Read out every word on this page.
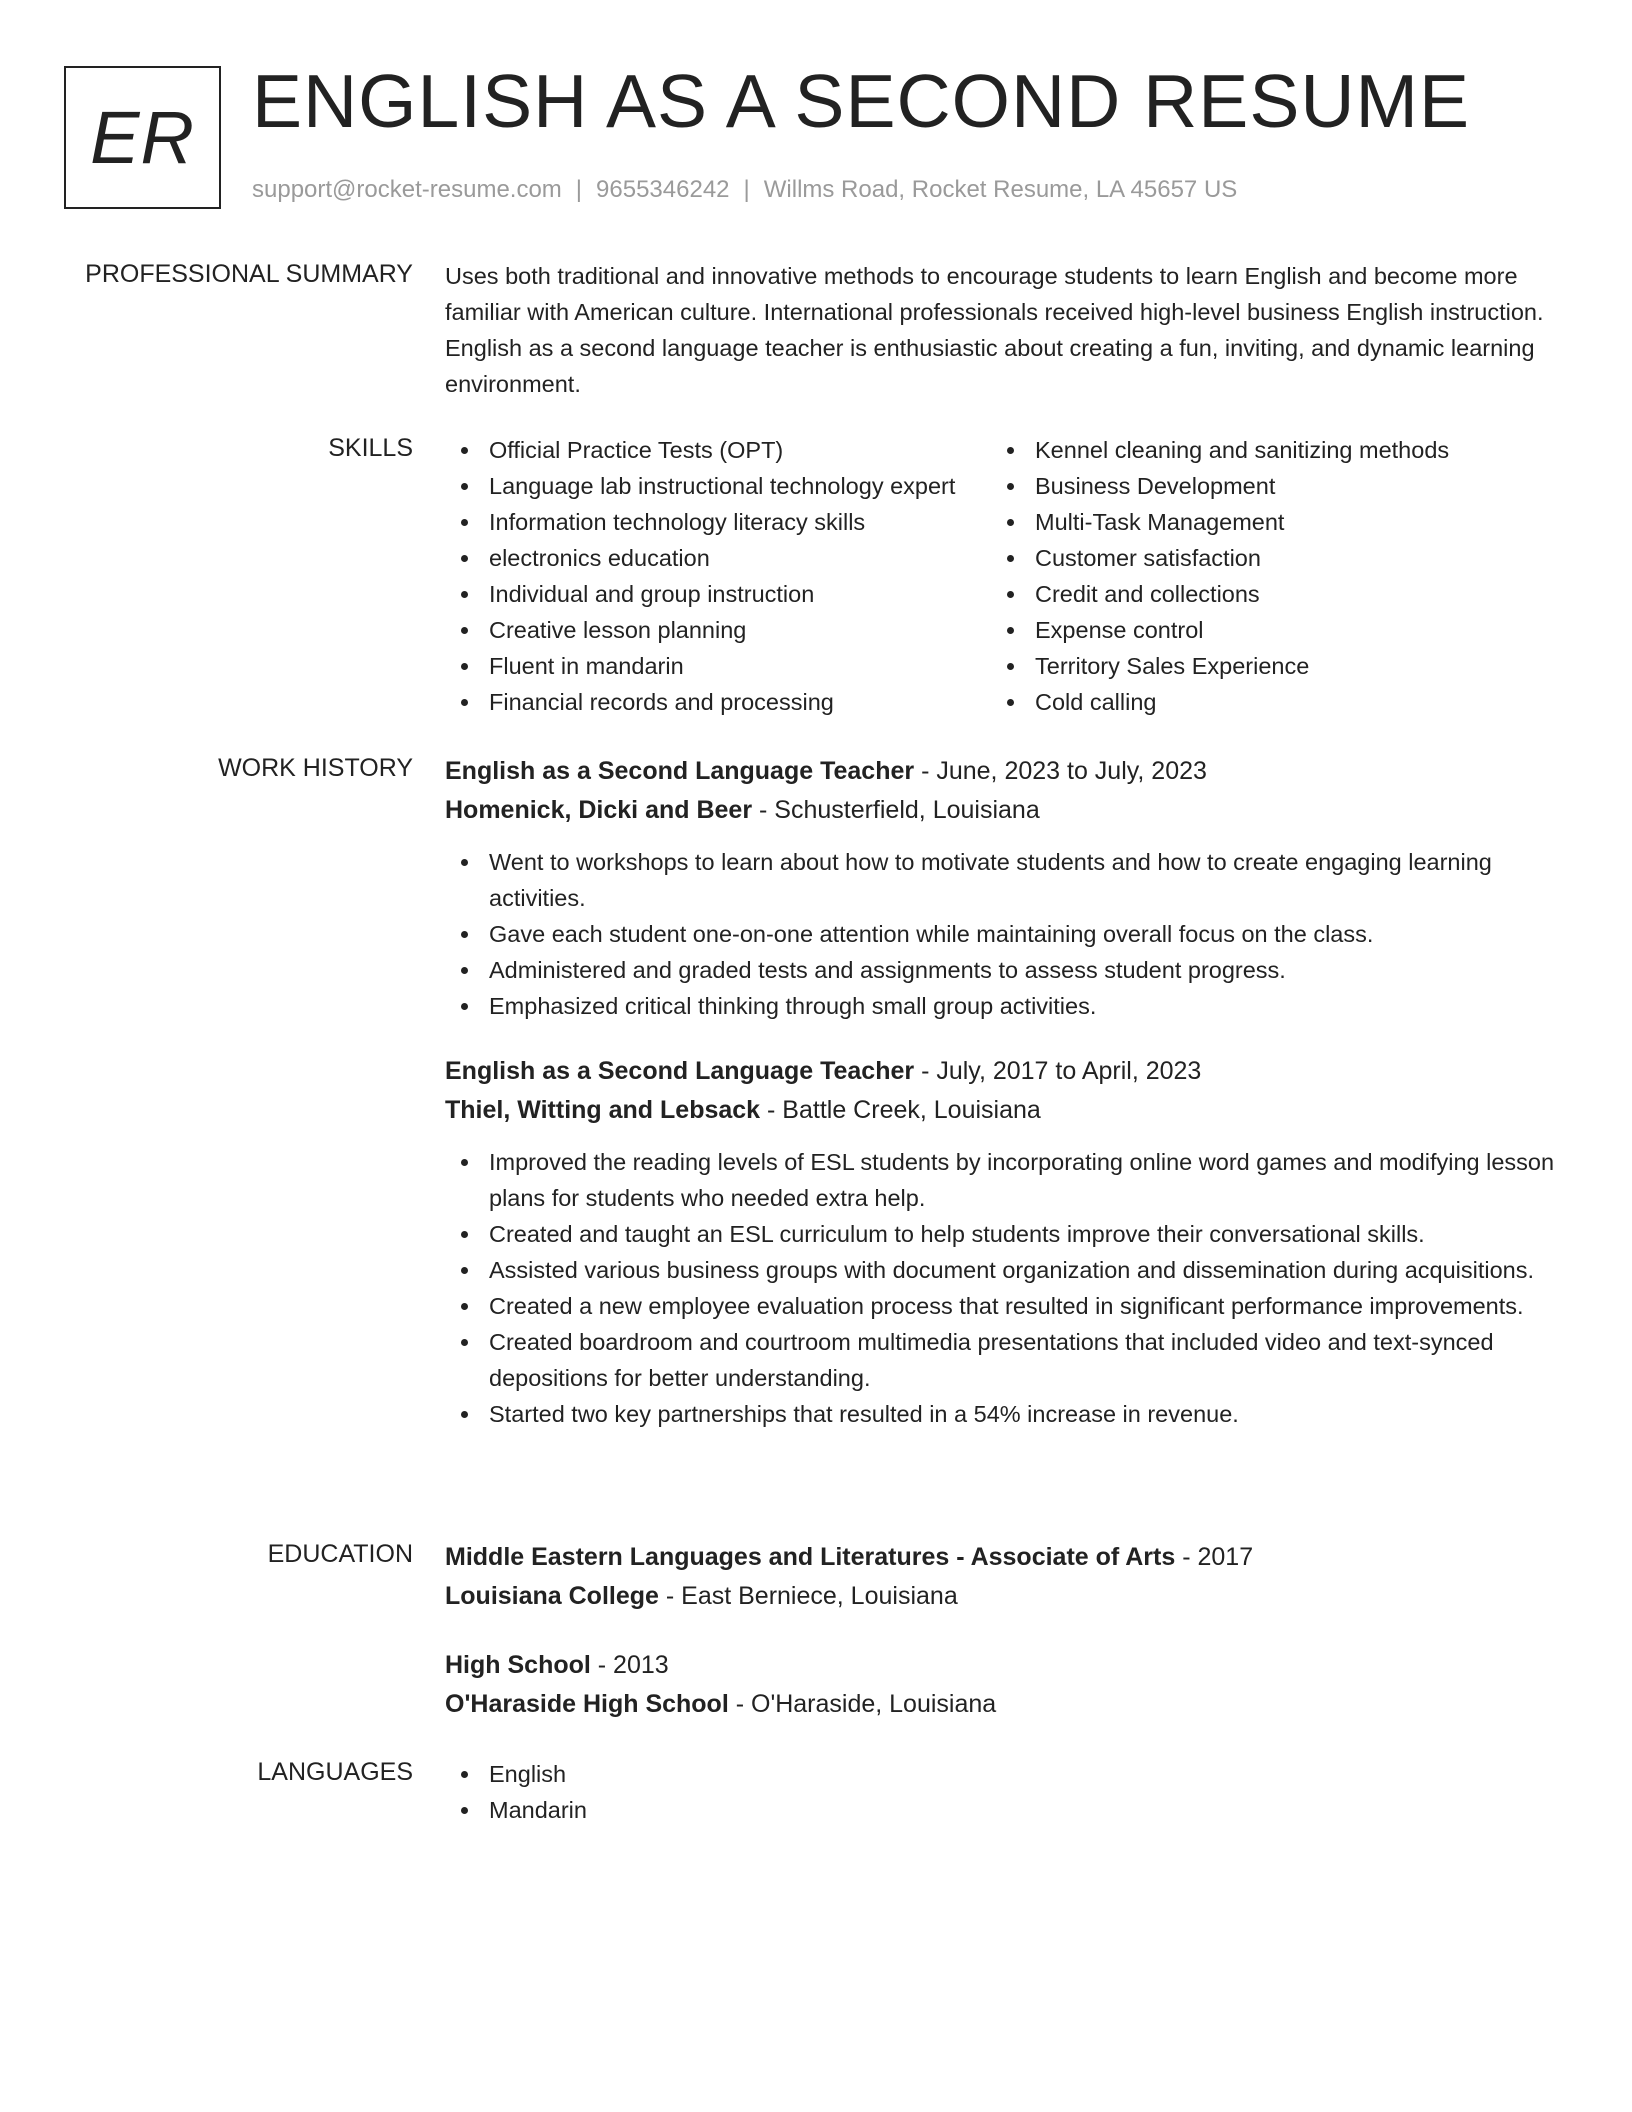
ER ENGLISH AS A SECOND RESUME
support@rocket-resume.com | 9655346242 | Willms Road, Rocket Resume, LA 45657 US
PROFESSIONAL SUMMARY Uses both traditional and innovative methods to encourage students to learn English and become more familiar with American culture. International professionals received high-level business English instruction. English as a second language teacher is enthusiastic about creating a fun, inviting, and dynamic learning environment.
SKILLS	Official Practice Tests (OPT)
Language lab instructional technology expert
Information technology literacy skills
electronics education
Individual and group instruction
Creative lesson planning
Fluent in mandarin
Financial records and processing
Kennel cleaning and sanitizing methods
Business Development
Multi-Task Management
Customer satisfaction
Credit and collections
Expense control
Territory Sales Experience
Cold calling
WORK HISTORY English as a Second Language Teacher - June, 2023 to July, 2023
Homenick, Dicki and Beer - Schusterfield, Louisiana
Went to workshops to learn about how to motivate students and how to create engaging learning activities.
Gave each student one-on-one attention while maintaining overall focus on the class.
Administered and graded tests and assignments to assess student progress.
Emphasized critical thinking through small group activities.
English as a Second Language Teacher - July, 2017 to April, 2023
Thiel, Witting and Lebsack - Battle Creek, Louisiana
Improved the reading levels of ESL students by incorporating online word games and modifying lesson plans for students who needed extra help.
Created and taught an ESL curriculum to help students improve their conversational skills.
Assisted various business groups with document organization and dissemination during acquisitions.
Created a new employee evaluation process that resulted in significant performance improvements.
Created boardroom and courtroom multimedia presentations that included video and text-synced depositions for better understanding.
Started two key partnerships that resulted in a 54% increase in revenue.
EDUCATION Middle Eastern Languages and Literatures - Associate of Arts - 2017
Louisiana College - East Berniece, Louisiana
High School - 2013
O'Haraside High School - O'Haraside, Louisiana
LANGUAGES	English
Mandarin
